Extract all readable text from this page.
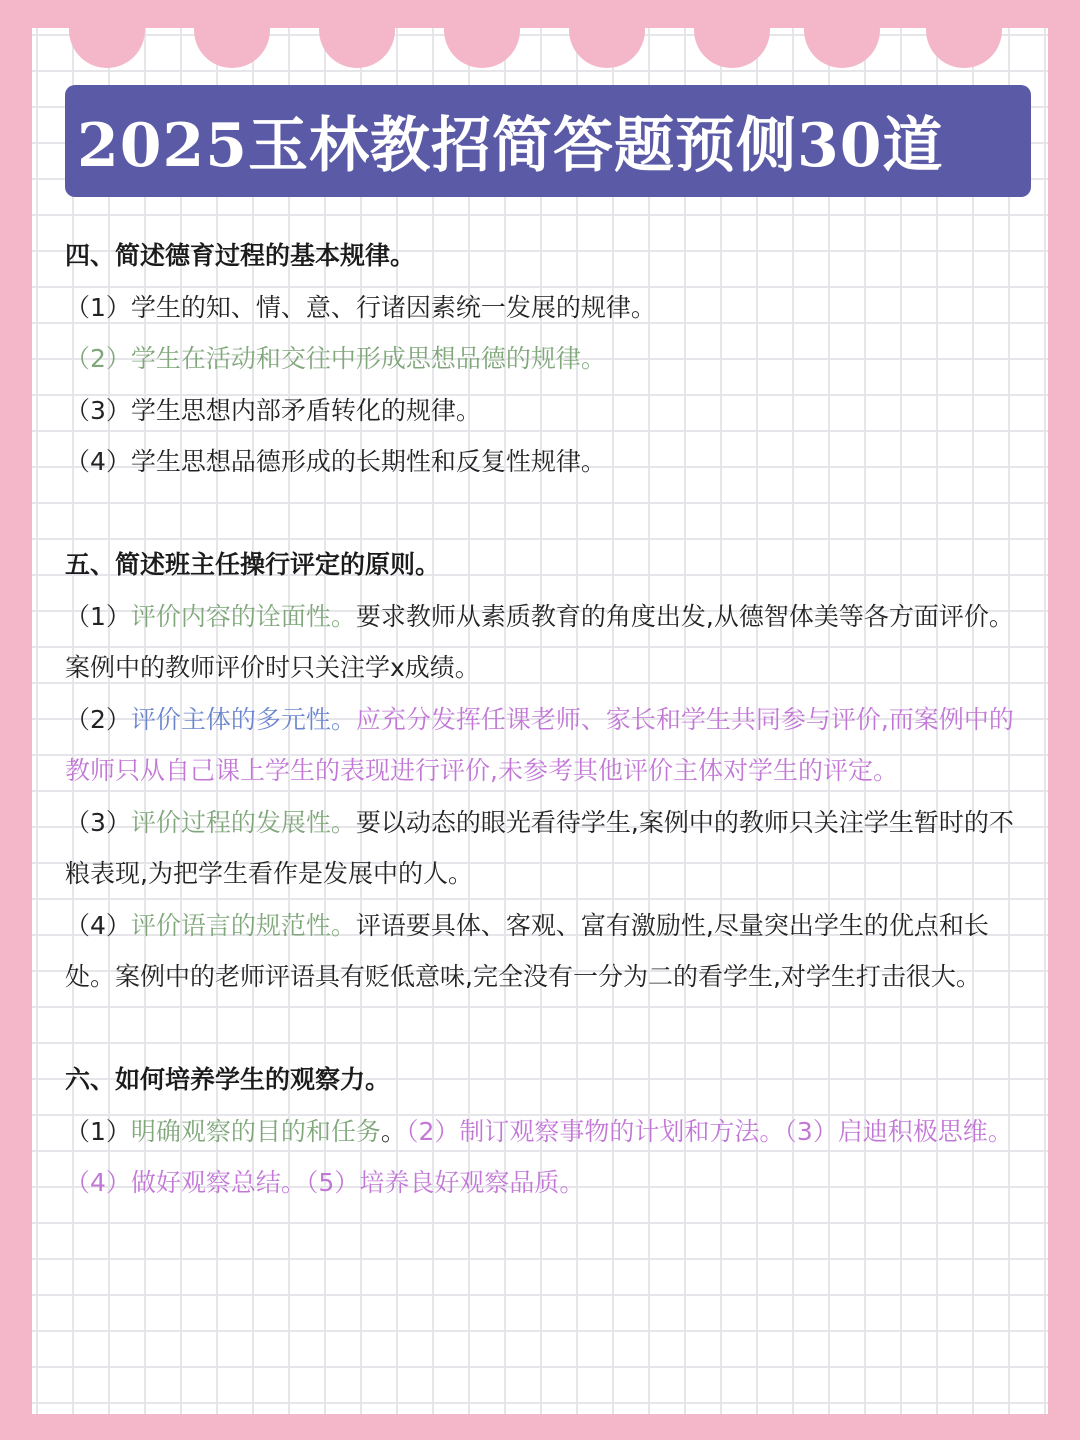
2025玉林教招简答题预侧30道

四、简述德育过程的基本规律。

（1）学生的知、情、意、行诸因素统一发展的规律。

（2）学生在活动和交往中形成思想品德的规律。

（3）学生思想内部矛盾转化的规律。

（4）学生思想品德形成的长期性和反复性规律。

五、简述班主任操行评定的原则。

（1）评价内容的诠面性。要求教师从素质教育的角度出发,从德智体美等各方面评价。案例中的教师评价时只关注学x成绩。

（2）评价主体的多元性。应充分发挥任课老师、家长和学生共同参与评价,而案例中的教师只从自己课上学生的表现进行评价,未参考其他评价主体对学生的评定。

（3）评价过程的发展性。要以动态的眼光看待学生,案例中的教师只关注学生暂时的不粮表现,为把学生看作是发展中的人。

（4）评价语言的规范性。评语要具体、客观、富有激励性,尽量突出学生的优点和长处。案例中的老师评语具有贬低意味,完全没有一分为二的看学生,对学生打击很大。

六、如何培养学生的观察力。

（1）明确观察的目的和任务。（2）制订观察事物的计划和方法。（3）启迪积极思维。（4）做好观察总结。（5）培养良好观察品质。
